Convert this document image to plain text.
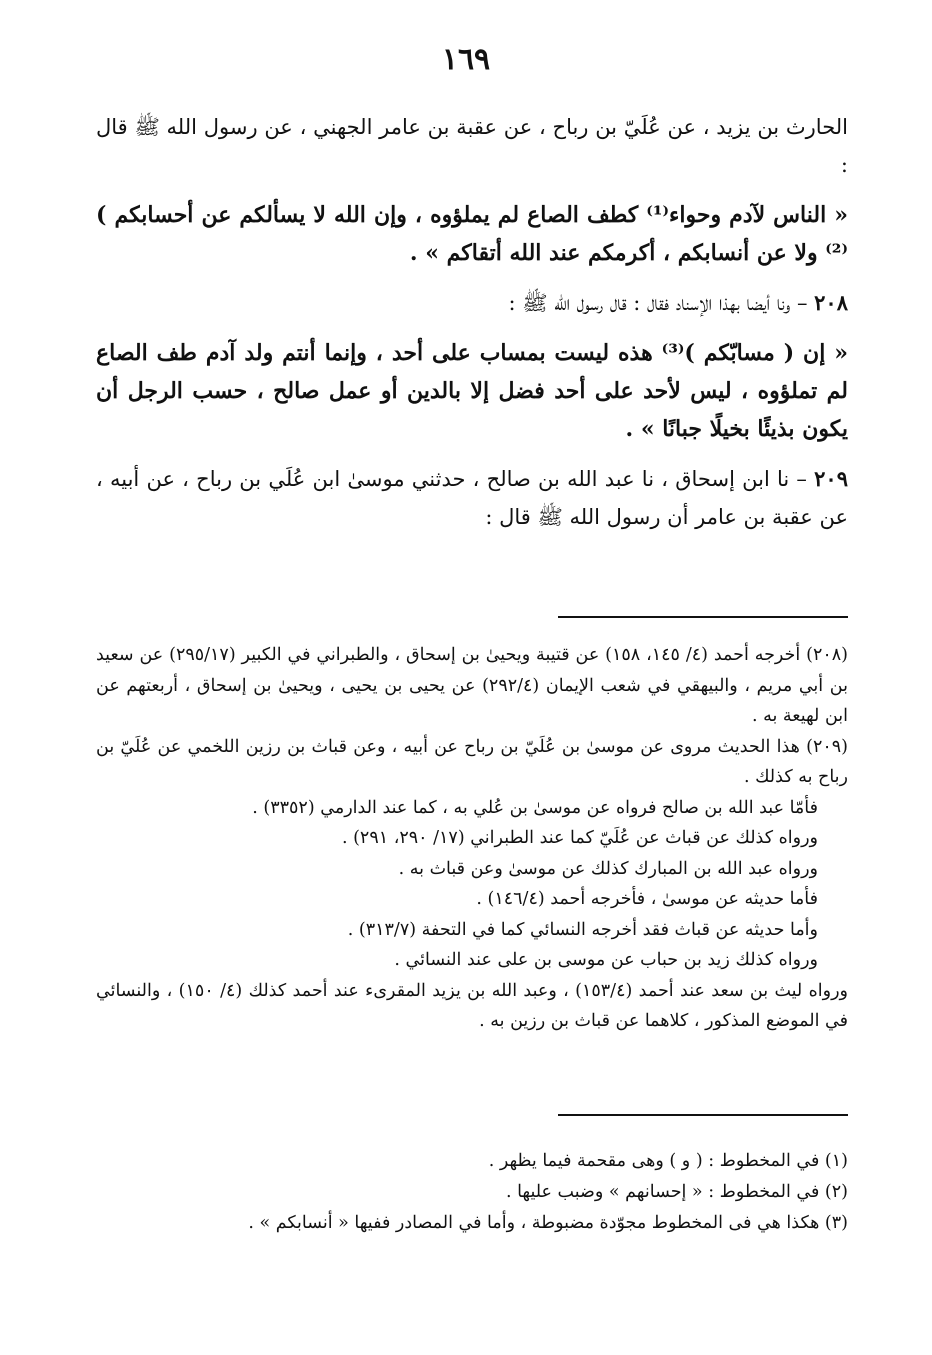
١٦٩

الحارث بن يزيد ، عن عُلَيّ بن رباح ، عن عقبة بن عامر الجهني ، عن رسول الله ﷺ قال :

« الناس لآدم وحواء⁽¹⁾ كطف الصاع لم يملؤوه ، وإن الله لا يسألكم عن أحسابكم )⁽²⁾ ولا عن أنسابكم ، أكرمكم عند الله أتقاكم » .

٢٠٨ – ونا أيضا بهذا الإسناد فقال : قال رسول الله ﷺ :

« إن ( مسابّكم )⁽³⁾ هذه ليست بمساب على أحد ، وإنما أنتم ولد آدم طف الصاع لم تملؤوه ، ليس لأحد على أحد فضل إلا بالدين أو عمل صالح ، حسب الرجل أن يكون بذيئًا بخيلًا جبانًا » .

٢٠٩ – نا ابن إسحاق ، نا عبد الله بن صالح ، حدثني موسىٰ ابن عُلَي بن رباح ، عن أبيه ، عن عقبة بن عامر أن رسول الله ﷺ قال :

(٢٠٨) أخرجه أحمد (٤/ ١٤٥، ١٥٨) عن قتيبة ويحيىٰ بن إسحاق ، والطبراني في الكبير (٢٩٥/١٧) عن سعيد بن أبي مريم ، والبيهقي في شعب الإيمان (٢٩٢/٤) عن يحيى بن يحيى ، ويحيىٰ بن إسحاق ، أربعتهم عن ابن لهيعة به .

(٢٠٩) هذا الحديث مروى عن موسىٰ بن عُلَيّ بن رباح عن أبيه ، وعن قباث بن رزين اللخمي عن عُلَيّ بن رباح به كذلك .

فأمّا عبد الله بن صالح فرواه عن موسىٰ بن عُلي به ، كما عند الدارمي (٣٣٥٢) .

ورواه كذلك عن قباث عن عُلَيّ كما عند الطبراني (١٧/ ٢٩٠، ٢٩١) .

ورواه عبد الله بن المبارك كذلك عن موسىٰ وعن قباث به .

فأما حديثه عن موسىٰ ، فأخرجه أحمد (١٤٦/٤) .

وأما حديثه عن قباث فقد أخرجه النسائي كما في التحفة (٣١٣/٧) .

ورواه كذلك زيد بن حباب عن موسى بن على عند النسائي .

ورواه ليث بن سعد عند أحمد (١٥٣/٤) ، وعبد الله بن يزيد المقرىء عند أحمد كذلك (٤/ ١٥٠) ، والنسائي في الموضع المذكور ، كلاهما عن قباث بن رزين به .

(١) في المخطوط : ( و ) وهى مقحمة فيما يظهر .

(٢) في المخطوط : « إحسانهم » وضبب عليها .

(٣) هكذا هي فى المخطوط مجوّدة مضبوطة ، وأما في المصادر ففيها « أنسابكم » .
